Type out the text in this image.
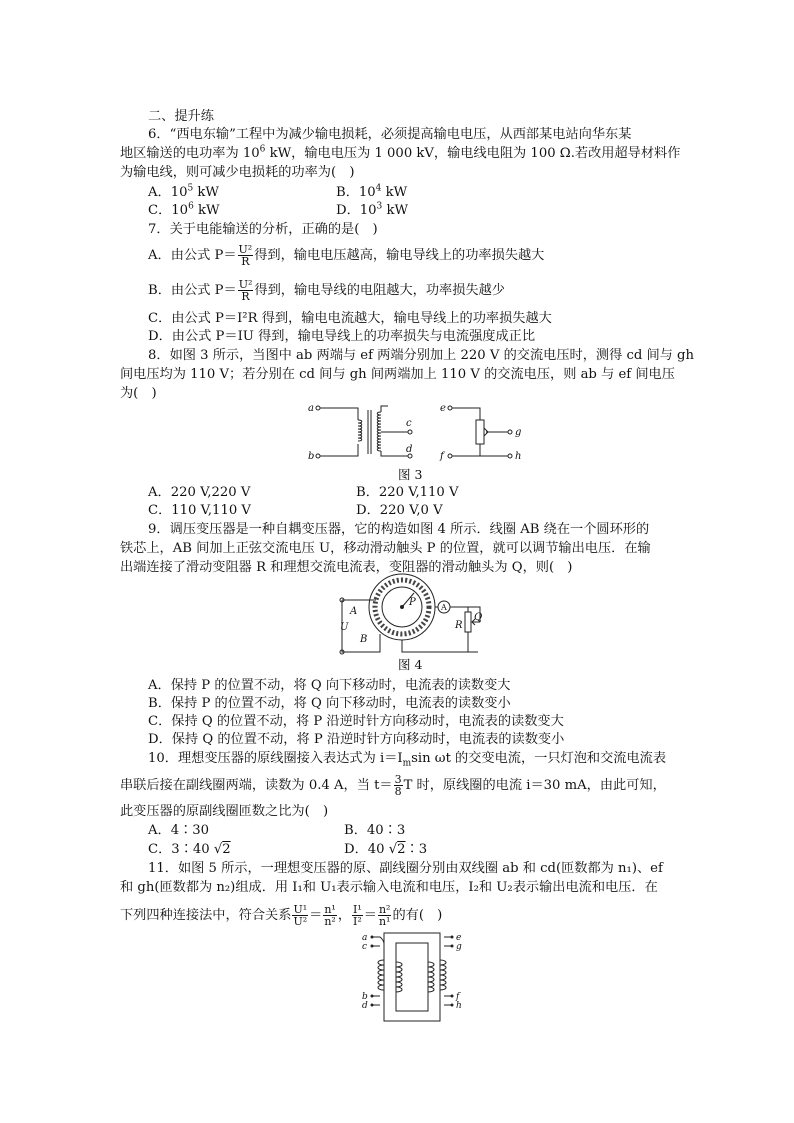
二、提升练
6．“西电东输”工程中为减少输电损耗，必须提高输电电压，从西部某电站向华东某
地区输送的电功率为 $10^6$ kW，输电电压为 1 000 kV，输电线电阻为 100 Ω.若改用超导材料作
为输电线，则可减少电损耗的功率为(　)
A．$10^5$ kW	B．$10^4$ kW
C．$10^6$ kW	D．$10^3$ kW
7．关于电能输送的分析，正确的是(　)
A．由公式 $P= \frac{\text{U²}}{R}$ 得到，输电电压越高，输电导线上的功率损失越大
B．由公式 $P= \frac{\text{U²}}{R}$ 得到，输电导线的电阻越大，功率损失越少
C．由公式 P＝I²R 得到，输电电流越大，输电导线上的功率损失越大
D．由公式 P＝IU 得到，输电导线上的功率损失与电流强度成正比
8．如图 3 所示，当图中 ab 两端与 ef 两端分别加上 220 V 的交流电压时，测得 cd 间与 gh
间电压均为 110 V；若分别在 cd 间与 gh 间两端加上 110 V 的交流电压，则 ab 与 ef 间电压
为(　)
a
b
c
d
e
f
g
h
图 3
A．220 V,220 V	B．220 V,110 V
C．110 V,110 V	D．220 V,0 V
9．调压变压器是一种自耦变压器，它的构造如图 4 所示．线圈 AB 绕在一个圆环形的
铁芯上，AB 间加上正弦交流电压 U，移动滑动触头 P 的位置，就可以调节输出电压．在输
出端连接了滑动变阻器 R 和理想交流电流表，变阻器的滑动触头为 Q，则(　)
P
A
U
B
A
R
Q
图 4
A．保持 P 的位置不动，将 Q 向下移动时，电流表的读数变大
B．保持 P 的位置不动，将 Q 向下移动时，电流表的读数变小
C．保持 Q 的位置不动，将 P 沿逆时针方向移动时，电流表的读数变大
D．保持 Q 的位置不动，将 P 沿逆时针方向移动时，电流表的读数变小
10．理想变压器的原线圈接入表达式为 $i=I_m\sin$ ωt 的交变电流，一只灯泡和交流电流表
串联后接在副线圈两端，读数为 0.4 A，当 $t= \frac{3}{8}$ T 时，原线圈的电流 i＝30 mA，由此可知，
此变压器的原副线圈匝数之比为(　)
A．4∶30	B．40∶3
C．3∶40 √2	D．40 √2∶3
11．如图 5 所示，一理想变压器的原、副线圈分别由双线圈 ab 和 cd(匝数都为 n₁)、ef
和 gh(匝数都为 n₂)组成．用 I₁和 U₁表示输入电流和电压，I₂和 U₂表示输出电流和电压．在
下列四种连接法中，符合关系 $\frac{\text{U¹}}{\text{U²}} = \frac{\text{n¹}}{\text{n²}}$ ， $\frac{\text{I¹}}{\text{I²}} = \frac{\text{n²}}{\text{n¹}}$ 的有(　)
a
c
b
d
e
g
f
h
